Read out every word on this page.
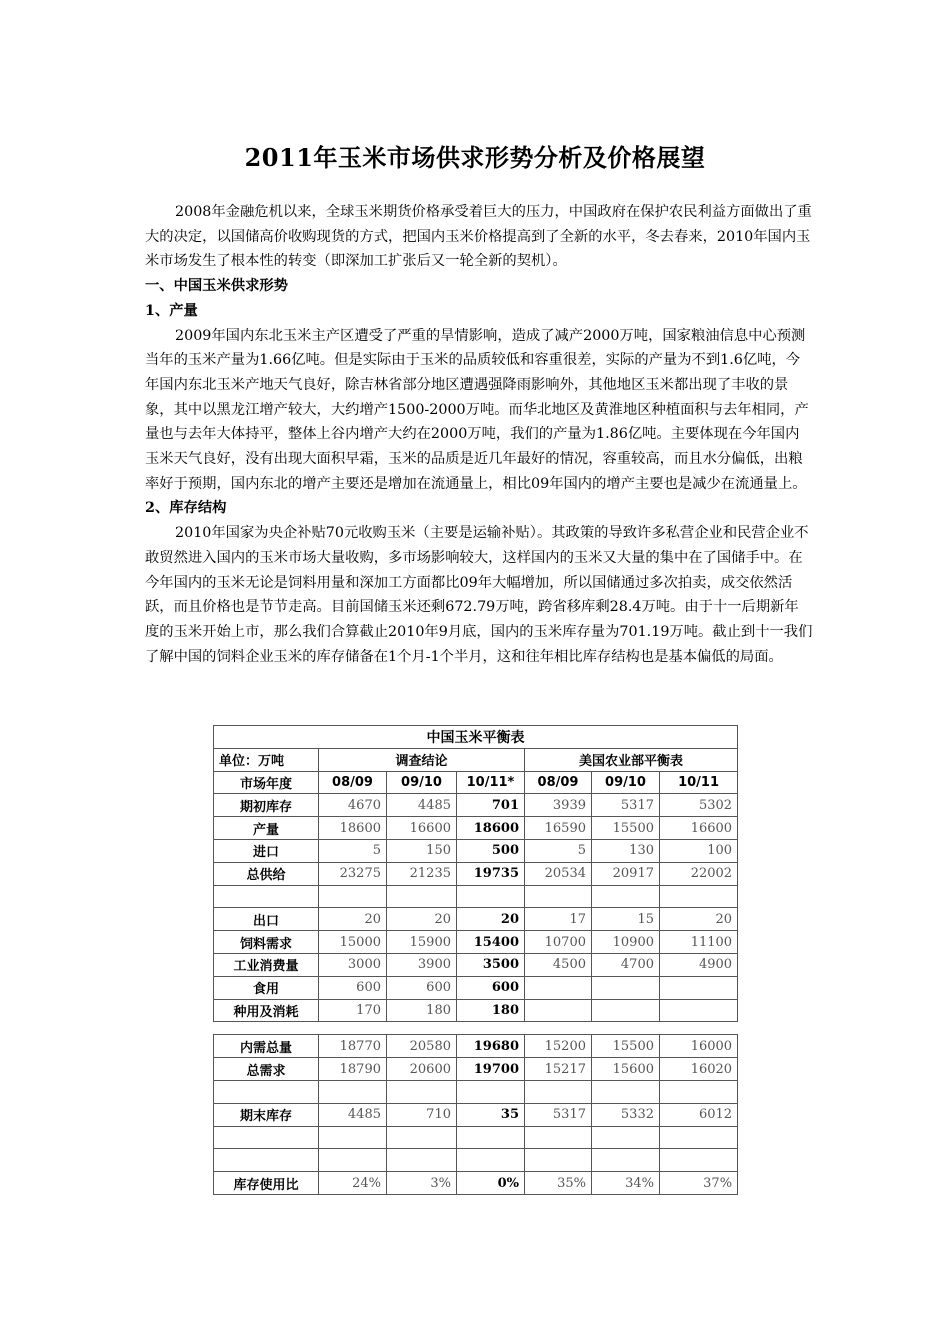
2011年玉米市场供求形势分析及价格展望

2008年金融危机以来，全球玉米期货价格承受着巨大的压力，中国政府在保护农民利益方面做出了重大的决定，以国储高价收购现货的方式，把国内玉米价格提高到了全新的水平，冬去春来，2010年国内玉米市场发生了根本性的转变（即深加工扩张后又一轮全新的契机）。

一、中国玉米供求形势

1、产量

2009年国内东北玉米主产区遭受了严重的旱情影响，造成了减产2000万吨，国家粮油信息中心预测当年的玉米产量为1.66亿吨。但是实际由于玉米的品质较低和容重很差，实际的产量为不到1.6亿吨，今年国内东北玉米产地天气良好，除吉林省部分地区遭遇强降雨影响外，其他地区玉米都出现了丰收的景象，其中以黑龙江增产较大，大约增产1500-2000万吨。而华北地区及黄淮地区种植面积与去年相同，产量也与去年大体持平，整体上谷内增产大约在2000万吨，我们的产量为1.86亿吨。主要体现在今年国内玉米天气良好，没有出现大面积早霜，玉米的品质是近几年最好的情况，容重较高，而且水分偏低，出粮率好于预期，国内东北的增产主要还是增加在流通量上，相比09年国内的增产主要也是减少在流通量上。

2、库存结构

2010年国家为央企补贴70元收购玉米（主要是运输补贴）。其政策的导致许多私营企业和民营企业不敢贸然进入国内的玉米市场大量收购，多市场影响较大，这样国内的玉米又大量的集中在了国储手中。在今年国内的玉米无论是饲料用量和深加工方面都比09年大幅增加，所以国储通过多次拍卖，成交依然活跃，而且价格也是节节走高。目前国储玉米还剩672.79万吨，跨省移库剩28.4万吨。由于十一后期新年度的玉米开始上市，那么我们合算截止2010年9月底，国内的玉米库存量为701.19万吨。截止到十一我们了解中国的饲料企业玉米的库存储备在1个月-1个半月，这和往年相比库存结构也是基本偏低的局面。

中国玉米平衡表						
单位：万吨	调查结论			美国农业部平衡表		
市场年度	08/09	09/10	10/11*	08/09	09/10	10/11
期初库存	4670	4485	701	3939	5317	5302
产量	18600	16600	18600	16590	15500	16600
进口	5	150	500	5	130	100
总供给	23275	21235	19735	20534	20917	22002

出口	20	20	20	17	15	20
饲料需求	15000	15900	15400	10700	10900	11100
工业消费量	3000	3900	3500	4500	4700	4900
食用	600	600	600			
种用及消耗	170	180	180			

内需总量	18770	20580	19680	15200	15500	16000
总需求	18790	20600	19700	15217	15600	16020

期末库存	4485	710	35	5317	5332	6012

库存使用比	24%	3%	0%	35%	34%	37%
